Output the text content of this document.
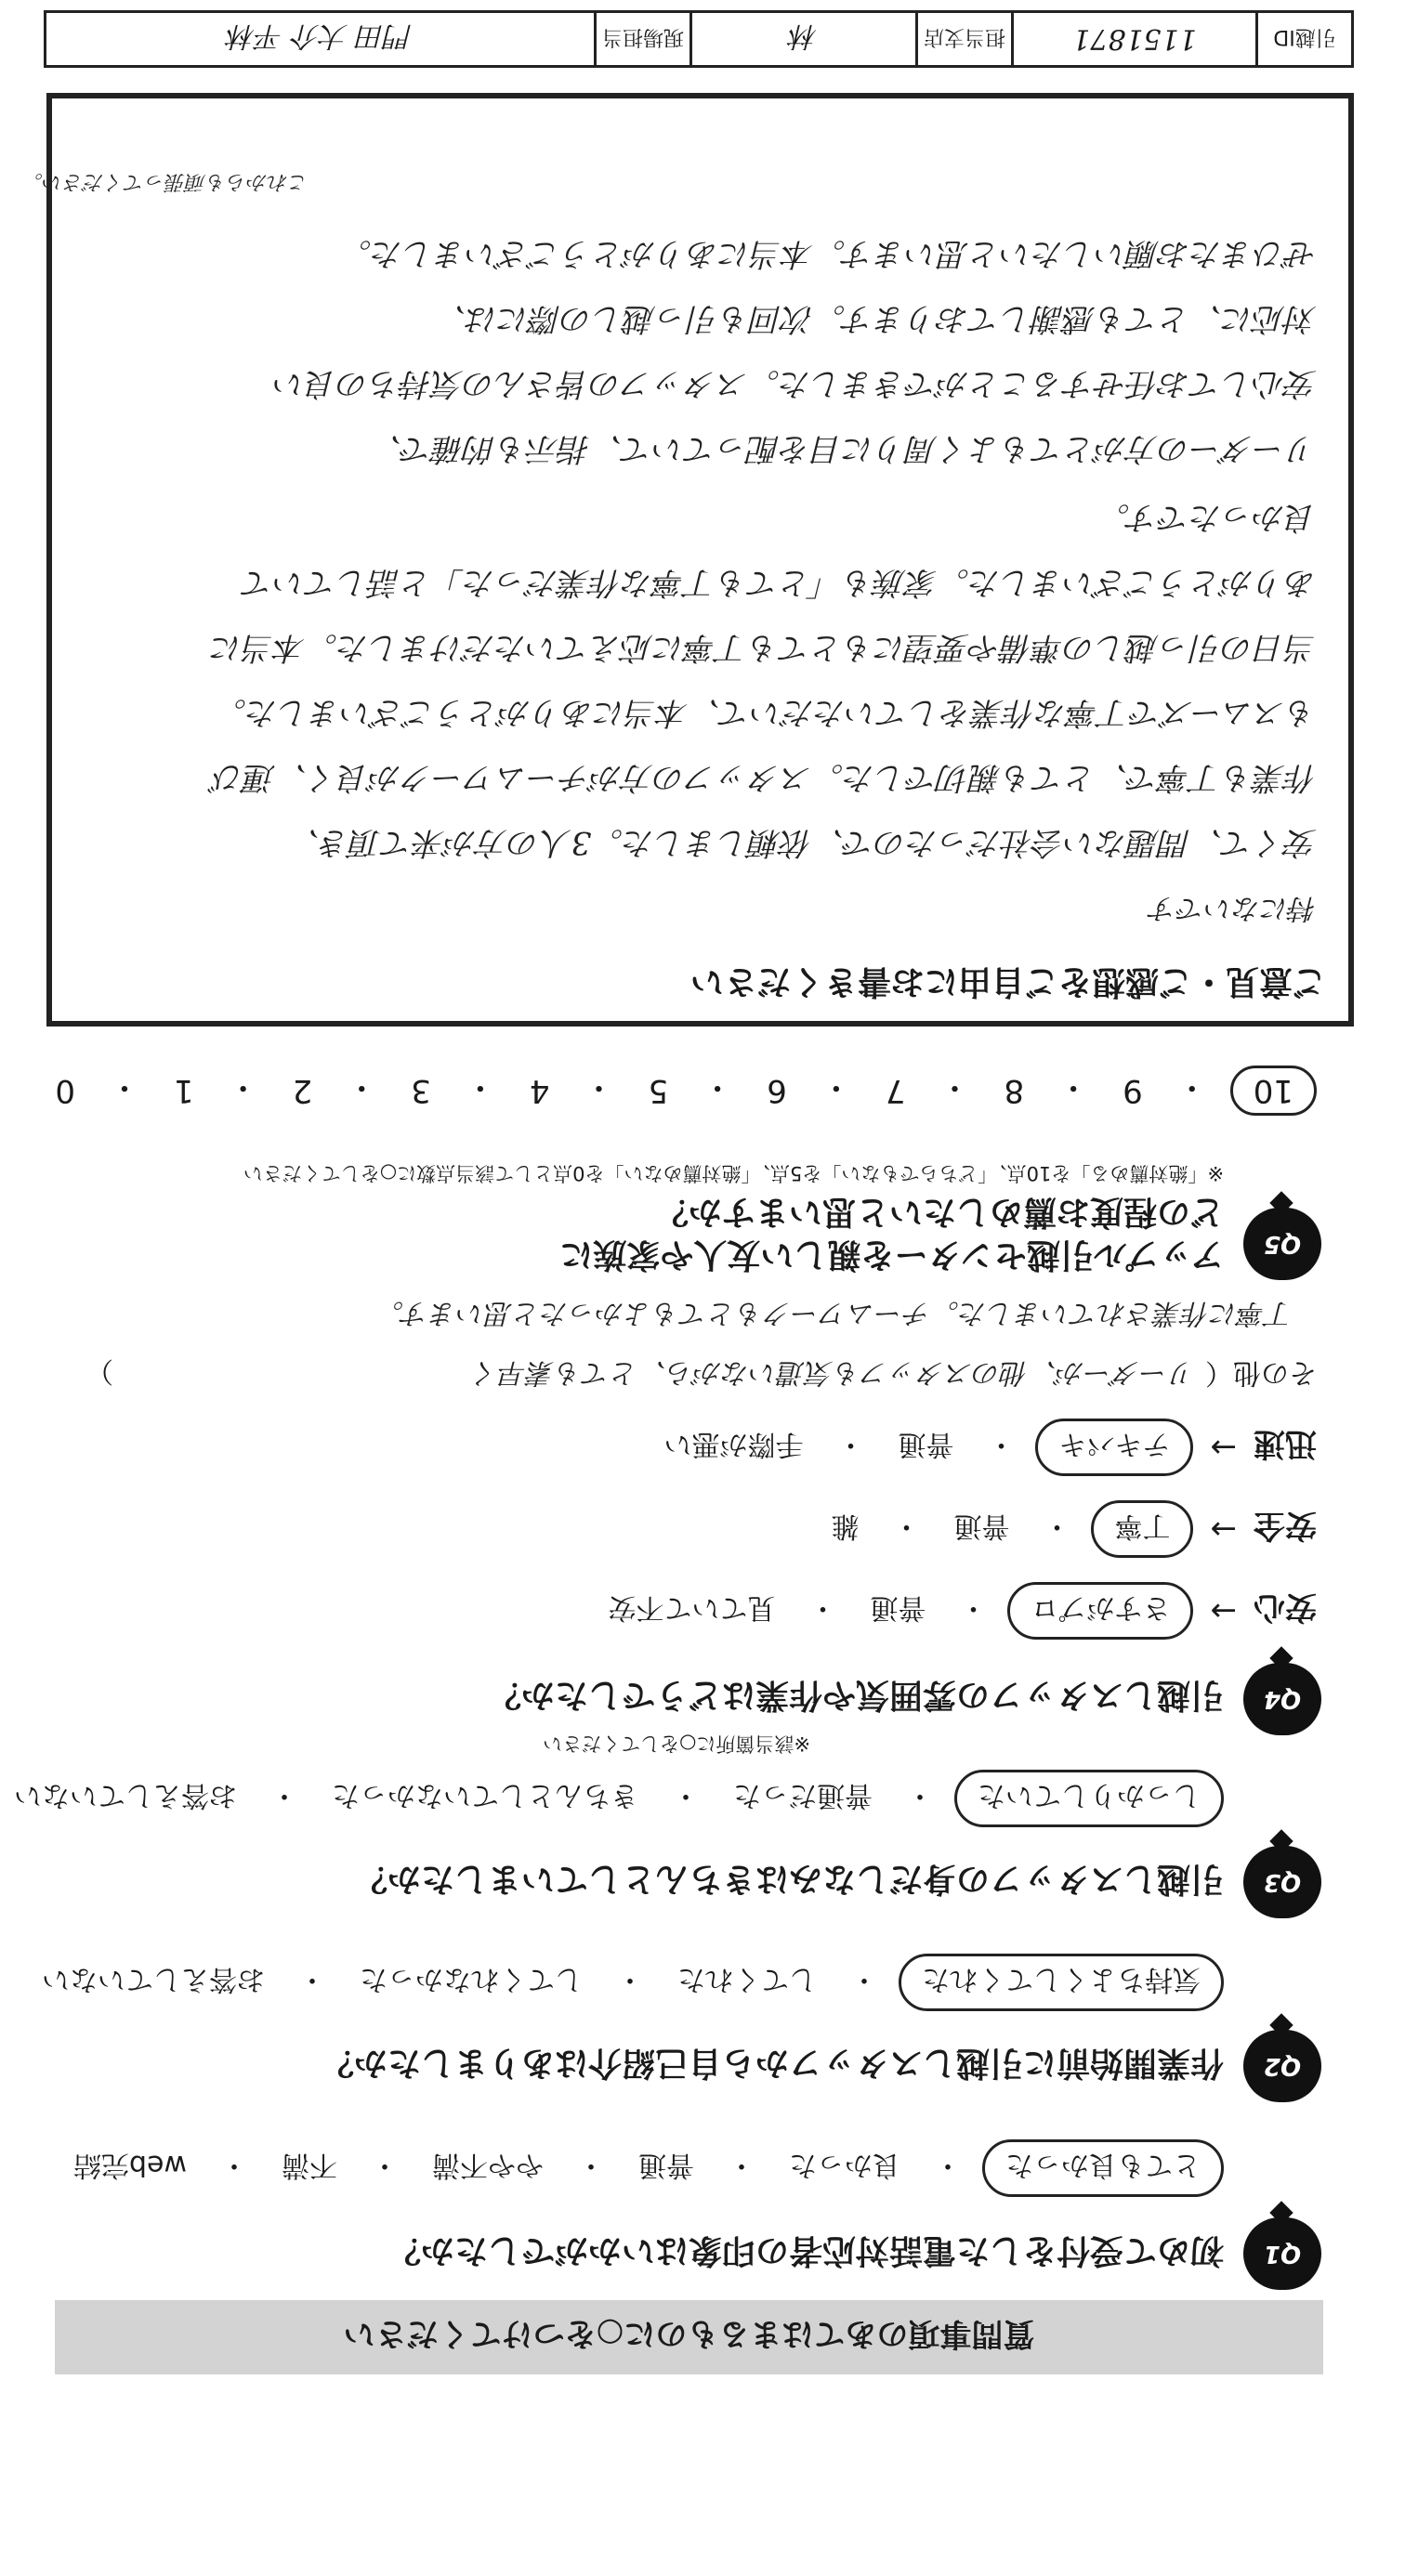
質問事項のあてはまるものに○をつけてください
Q1
初めて受付をした電話対応者の印象はいかがでしたか？
とても良かった
・
良かった
・
普通
・
やや不満
・
不満
・
web完結
Q2
作業開始前に引越しスタッフから自己紹介はありましたか？
気持ちよくしてくれた
・
してくれた
・
してくれなかった
・
お答えしていない
Q3
引越しスタッフの身だしなみはきちんとしていましたか？
しっかりしていた
・
普通だった
・
きちんとしていなかった
・
お答えしていない
Q4
引越しスタッフの雰囲気や作業はどうでしたか？
※該当箇所に○をしてください
安心
→
さすがプロ
・
普通
・
見ていて不安
安全
→
丁寧
・
普通
・
雑
迅速
→
テキパキ
・
普通
・
手際が悪い
その他（
リーダーが、他のスタッフも気遣いながら、とても素早く
）
丁寧に作業されていました。チームワークもとてもよかったと思います。
Q5
アップル引越センターを親しい友人や家族に
どの程度お薦めしたいと思いますか？
※「絶対薦める」を10点、「どちらでもない」を5点、「絶対薦めない」を0点として該当点数に○をしてください
10
・
9
・
8
・
7
・
6
・
5
・
4
・
3
・
2
・
1
・
0
ご意見・ご感想をご自由にお書きください
特にないです
安くて、問題ない会社だったので、依頼しました。3人の方が来て頂き、
作業も丁寧で、とても親切でした。スタッフの方がチームワークが良く、運び
もスムーズで丁寧な作業をしていただいて、本当にありがとうございました。
当日の引っ越しの準備や要望にもとても丁寧に応えていただけました。本当に
ありがとうございました。家族も「とても丁寧な作業だった」と話していて
良かったです。
リーダーの方がとてもよく周りに目を配っていて、指示も的確で、
安心してお任せすることができました。スタッフの皆さんの気持ちの良い
対応に、とても感謝しております。次回も引っ越しの際には、
ぜひまたお願いしたいと思います。本当にありがとうございました。
これからも頑張ってください。
引越ID
1151871
担当支店
林
現場担当
門田 大介 平林
